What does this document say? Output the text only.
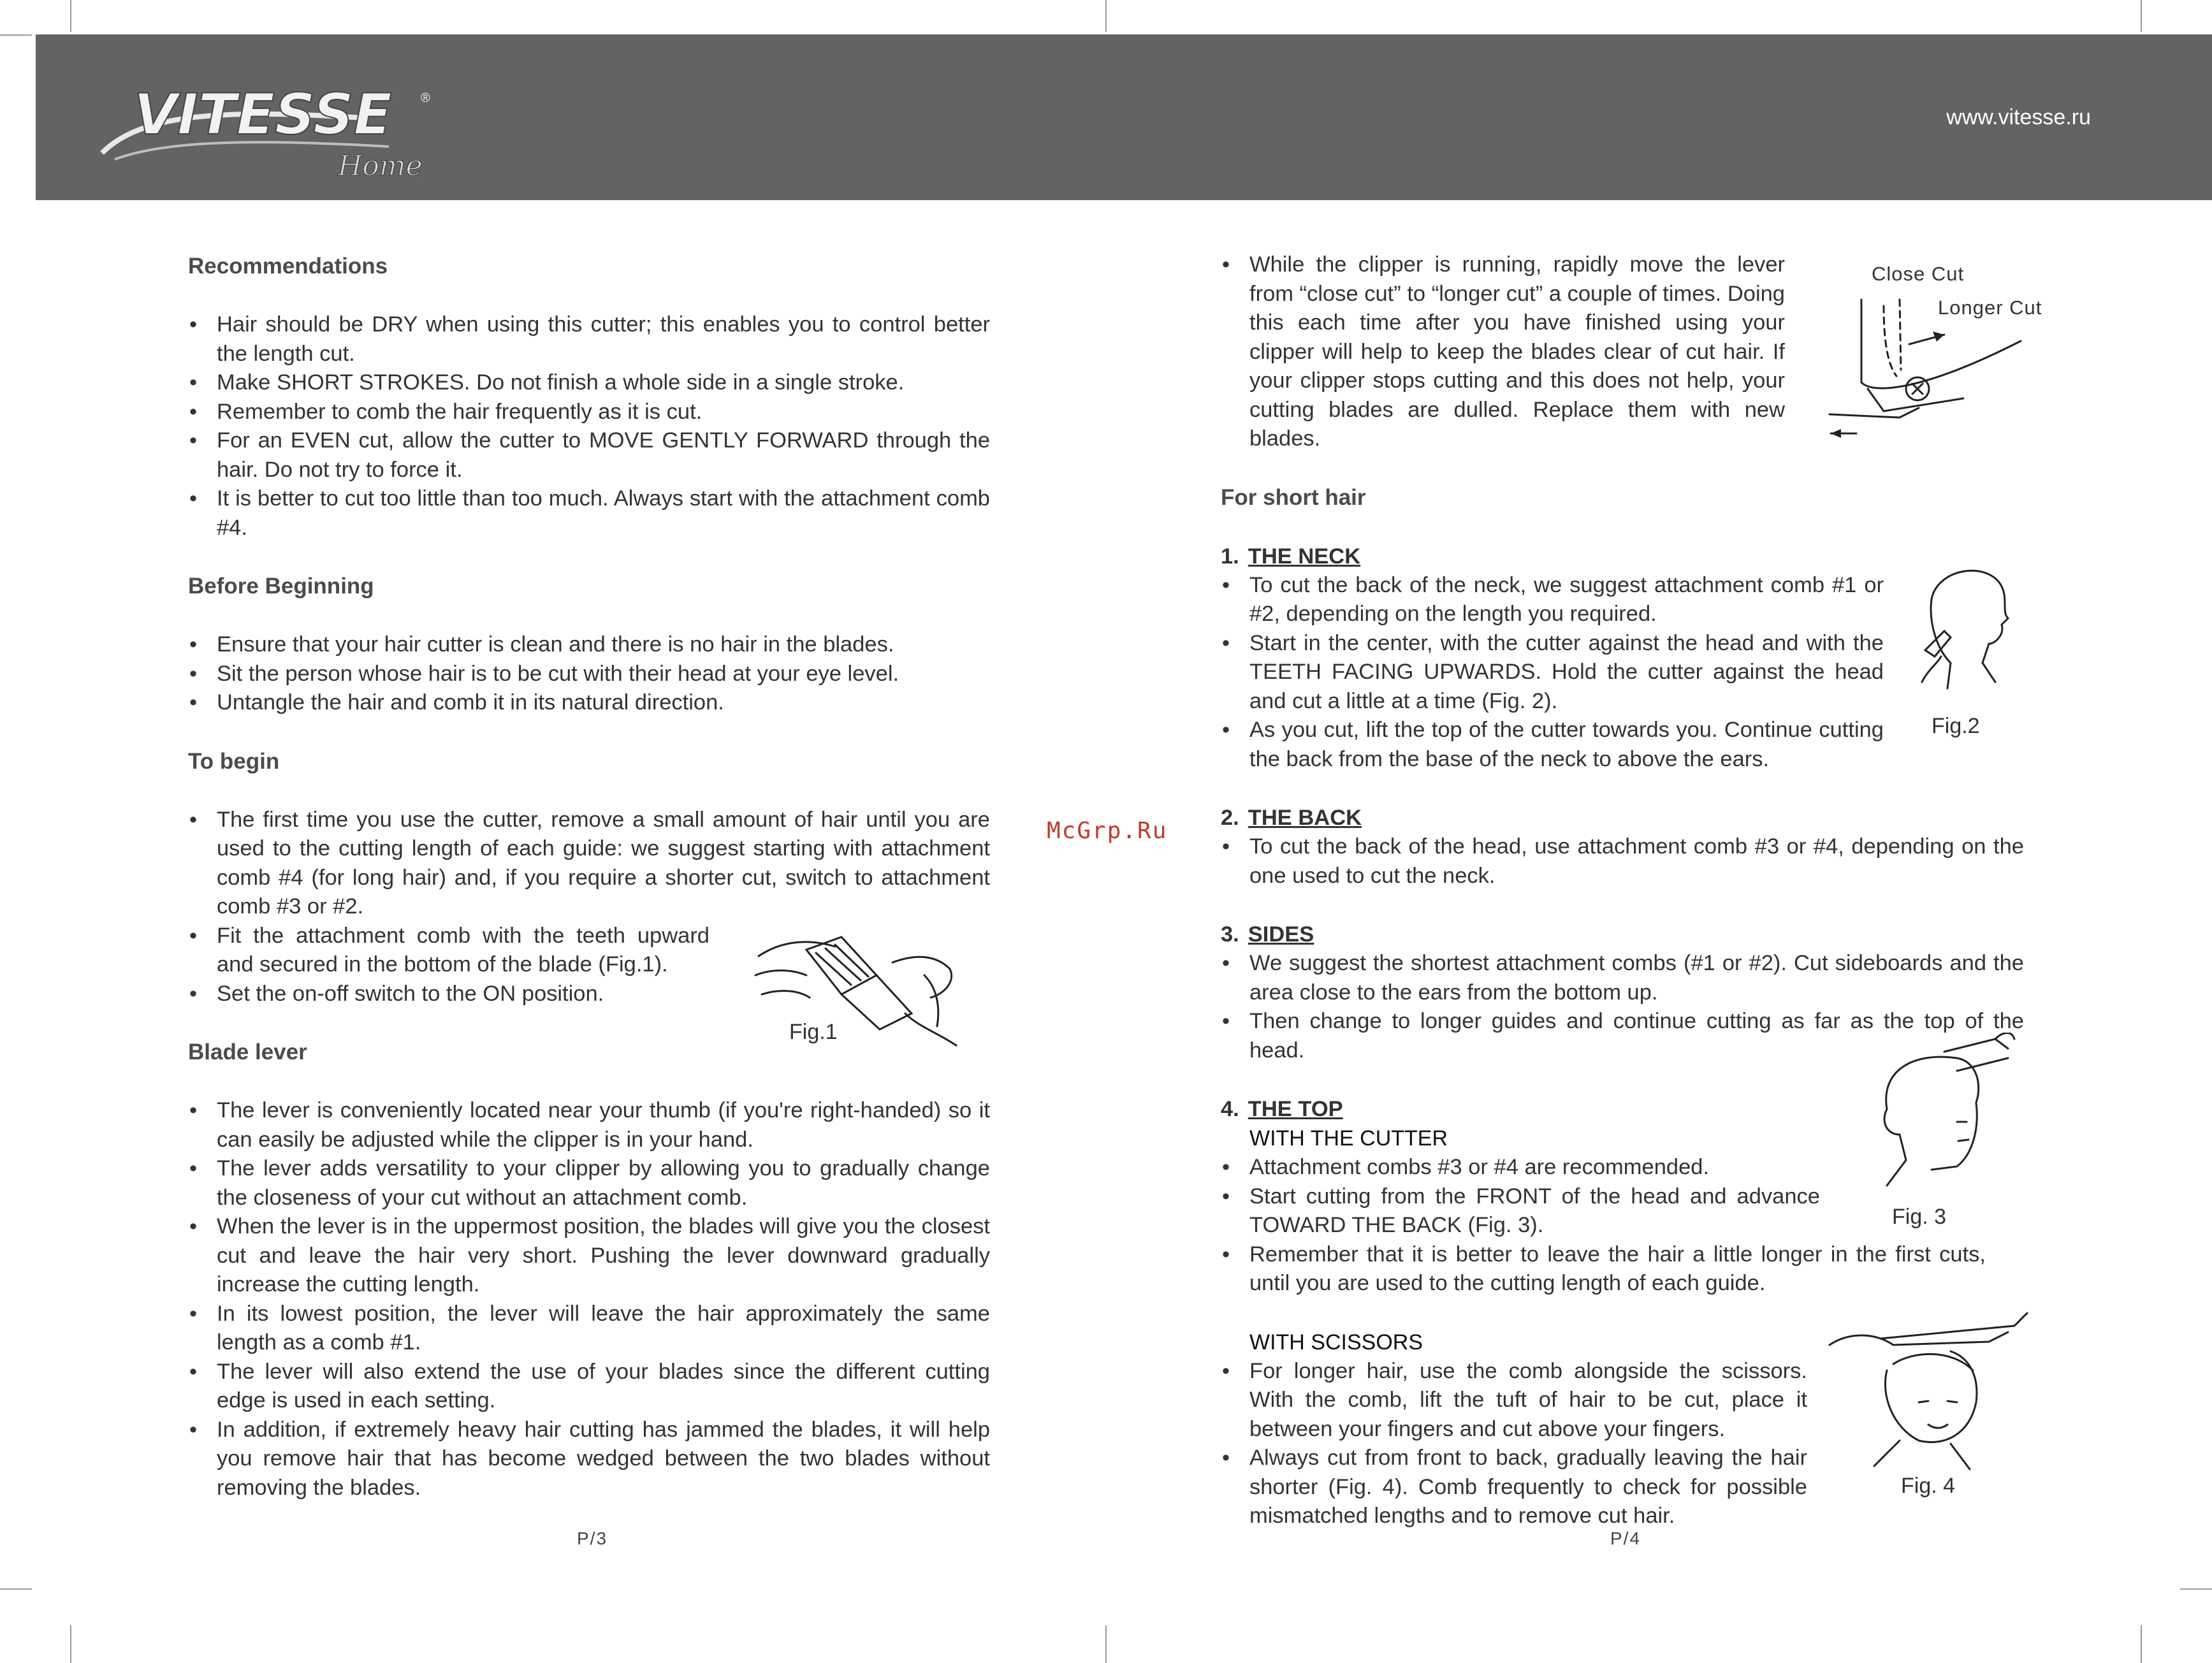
VITESSE ®
Home
www.vitesse.ru
Recommendations
• Hair should be DRY when using this cutter; this enables you to control better the length cut.
• Make SHORT STROKES. Do not finish a whole side in a single stroke.
• Remember to comb the hair frequently as it is cut.
• For an EVEN cut, allow the cutter to MOVE GENTLY FORWARD through the hair. Do not try to force it.
• It is better to cut too little than too much. Always start with the attachment comb #4.
Before Beginning
• Ensure that your hair cutter is clean and there is no hair in the blades.
• Sit the person whose hair is to be cut with their head at your eye level.
• Untangle the hair and comb it in its natural direction.
To begin
• The first time you use the cutter, remove a small amount of hair until you are used to the cutting length of each guide: we suggest starting with attachment comb #4 (for long hair) and, if you require a shorter cut, switch to attachment comb #3 or #2.
• Fit the attachment comb with the teeth upward and secured in the bottom of the blade (Fig.1).
• Set the on-off switch to the ON position.
Blade lever
• The lever is conveniently located near your thumb (if you're right-handed) so it can easily be adjusted while the clipper is in your hand.
• The lever adds versatility to your clipper by allowing you to gradually change the closeness of your cut without an attachment comb.
• When the lever is in the uppermost position, the blades will give you the closest cut and leave the hair very short. Pushing the lever downward gradually increase the cutting length.
• In its lowest position, the lever will leave the hair approximately the same length as a comb #1.
• The lever will also extend the use of your blades since the different cutting edge is used in each setting.
• In addition, if extremely heavy hair cutting has jammed the blades, it will help you remove hair that has become wedged between the two blades without removing the blades.
Fig.1
P/3
McGrp.Ru
• While the clipper is running, rapidly move the lever from “close cut” to “longer cut” a couple of times. Doing this each time after you have finished using your clipper will help to keep the blades clear of cut hair. If your clipper stops cutting and this does not help, your cutting blades are dulled. Replace them with new blades.
For short hair
1. THE NECK
• To cut the back of the neck, we suggest attachment comb #1 or #2, depending on the length you required.
• Start in the center, with the cutter against the head and with the TEETH FACING UPWARDS. Hold the cutter against the head and cut a little at a time (Fig. 2).
• As you cut, lift the top of the cutter towards you. Continue cutting the back from the base of the neck to above the ears.
2. THE BACK
• To cut the back of the head, use attachment comb #3 or #4, depending on the one used to cut the neck.
3. SIDES
• We suggest the shortest attachment combs (#1 or #2). Cut sideboards and the area close to the ears from the bottom up.
• Then change to longer guides and continue cutting as far as the top of the head.
4. THE TOP
WITH THE CUTTER
• Attachment combs #3 or #4 are recommended.
• Start cutting from the FRONT of the head and advance TOWARD THE BACK (Fig. 3).
• Remember that it is better to leave the hair a little longer in the first cuts, until you are used to the cutting length of each guide.
WITH SCISSORS
• For longer hair, use the comb alongside the scissors. With the comb, lift the tuft of hair to be cut, place it between your fingers and cut above your fingers.
• Always cut from front to back, gradually leaving the hair shorter (Fig. 4). Comb frequently to check for possible mismatched lengths and to remove cut hair.
Close Cut
Longer Cut
Fig.2
Fig. 3
Fig. 4
P/4
